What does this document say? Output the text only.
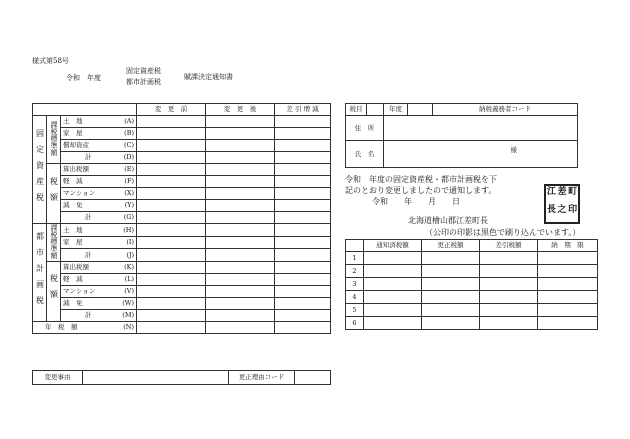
様式第58号
令和　年度
固定資産税
都市計画税
賦課決定通知書
			変　更　前	変　更　後	差 引 増 減
固定資産税	課税標準額	土　地 (A)			

		家　屋 (B)			

		償却資産 (C)			

		計 (D)			

	税額	算出税額 (E)			

		軽　減 (F)			

		マンション (X)			

		減　免 (Y)			

		計 (G)			

都市計画税	課税標準額	土　地 (H)			

		家　屋 (I)			

		計 (J)			

	税額	算出税額 (K)			

		軽　減 (L)			

		マンション (V)			

		減　免 (W)			

		計 (M)			

年　税　額 (N)					

変更事由		更正理由コード	
税目		年度		納税義務者コード
住　所				
氏　名		様		
令和　年度の固定資産税・都市計画税を下
記のとおり変更しましたので通知します。
令和　　年　　月　　日
北海道檜山郡江差町長
（公印の印影は黒色で刷り込んでいます。）
江 差 町
長 之 印
	通知済税額	更正税額	差引税額	納　期　限
1				
2				
3				
4				
5				
6				
